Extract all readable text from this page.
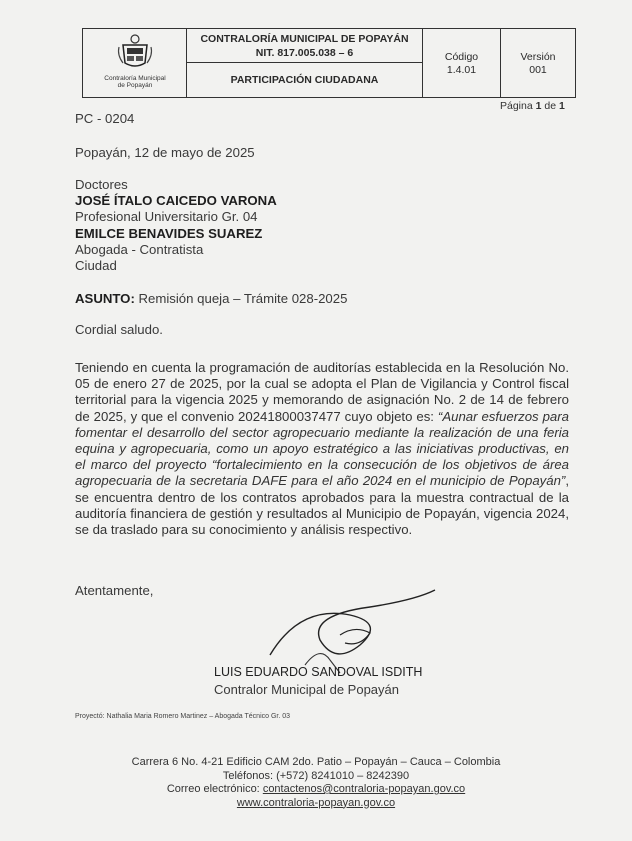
Contraloría Municipal
de Popayán
CONTRALORÍA MUNICIPAL DE POPAYÁN
NIT. 817.005.038 – 6
PARTICIPACIÓN CIUDADANA
Código
1.4.01
Versión
001
Página 1 de 1
PC - 0204
Popayán, 12 de mayo de 2025
Doctores
JOSÉ ÍTALO CAICEDO VARONA
Profesional Universitario Gr. 04
EMILCE BENAVIDES SUAREZ
Abogada - Contratista
Ciudad
ASUNTO: Remisión queja – Trámite 028-2025
Cordial saludo.
Teniendo en cuenta la programación de auditorías establecida en la Resolución No. 05 de enero 27 de 2025, por la cual se adopta el Plan de Vigilancia y Control fiscal territorial para la vigencia 2025 y memorando de asignación No. 2 de 14 de febrero de 2025, y que el convenio 20241800037477 cuyo objeto es: “Aunar esfuerzos para fomentar el desarrollo del sector agropecuario mediante la realización de una feria equina y agropecuaria, como un apoyo estratégico a las iniciativas productivas, en el marco del proyecto “fortalecimiento en la consecución de los objetivos de área agropecuaria de la secretaria DAFE para el año 2024 en el municipio de Popayán”, se encuentra dentro de los contratos aprobados para la muestra contractual de la auditoría financiera de gestión y resultados al Municipio de Popayán, vigencia 2024, se da traslado para su conocimiento y análisis respectivo.
Atentamente,
LUIS EDUARDO SANDOVAL ISDITH
Contralor Municipal de Popayán
Proyectó: Nathalia Maria Romero Martinez – Abogada Técnico Gr. 03
Carrera 6 No. 4-21 Edificio CAM 2do. Patio – Popayán – Cauca – Colombia
Teléfonos: (+572) 8241010 – 8242390
Correo electrónico: contactenos@contraloria-popayan.gov.co
www.contraloria-popayan.gov.co
